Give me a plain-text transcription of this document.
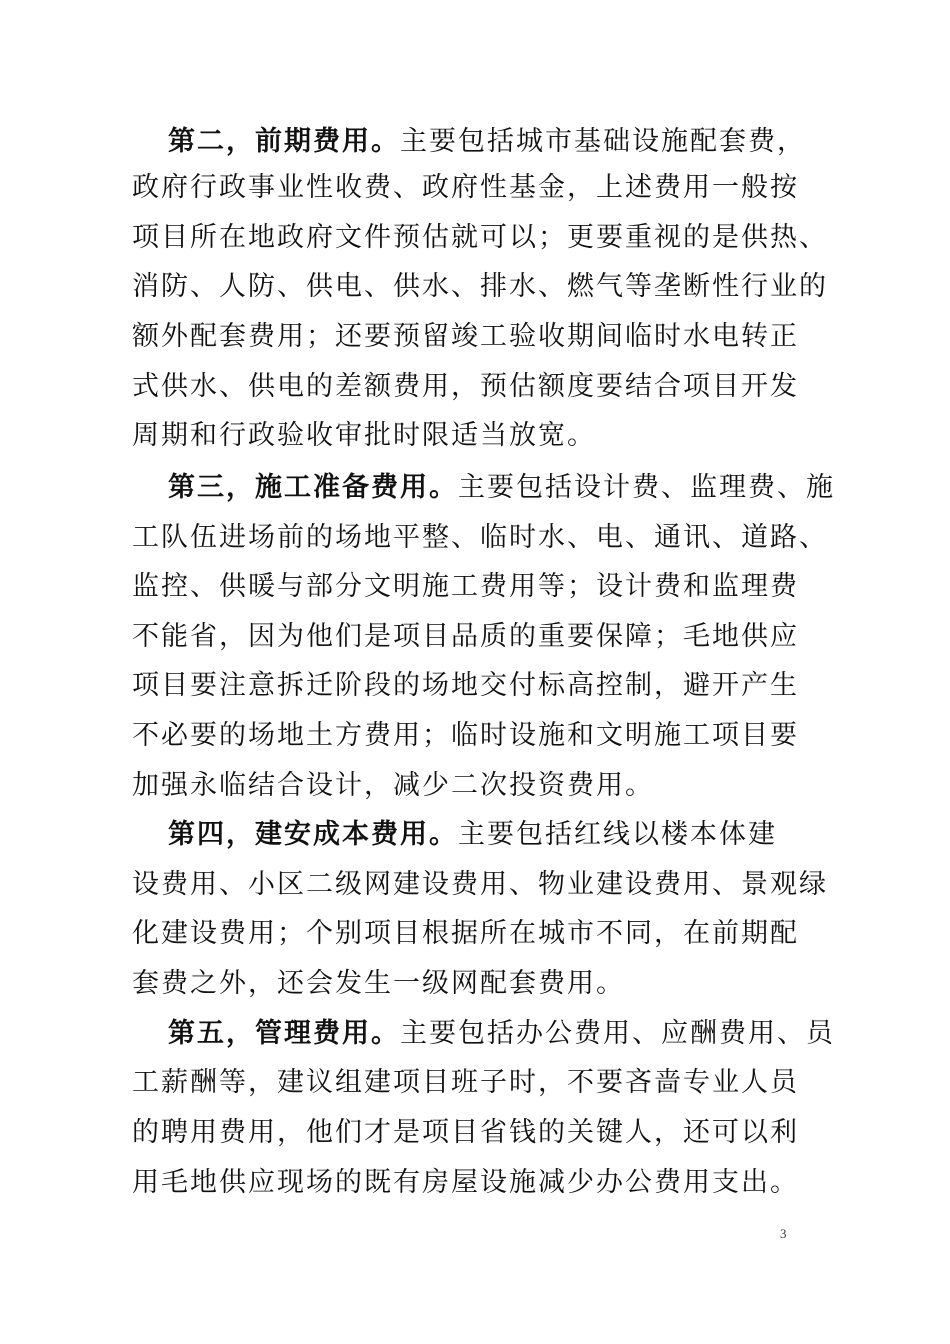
第二，前期费用。主要包括城市基础设施配套费，
政府行政事业性收费、政府性基金，上述费用一般按
项目所在地政府文件预估就可以；更要重视的是供热、
消防、人防、供电、供水、排水、燃气等垄断性行业的
额外配套费用；还要预留竣工验收期间临时水电转正
式供水、供电的差额费用，预估额度要结合项目开发
周期和行政验收审批时限适当放宽。
第三，施工准备费用。主要包括设计费、监理费、施
工队伍进场前的场地平整、临时水、电、通讯、道路、
监控、供暖与部分文明施工费用等；设计费和监理费
不能省，因为他们是项目品质的重要保障；毛地供应
项目要注意拆迁阶段的场地交付标高控制，避开产生
不必要的场地土方费用；临时设施和文明施工项目要
加强永临结合设计，减少二次投资费用。
第四，建安成本费用。主要包括红线以楼本体建
设费用、小区二级网建设费用、物业建设费用、景观绿
化建设费用；个别项目根据所在城市不同，在前期配
套费之外，还会发生一级网配套费用。
第五，管理费用。主要包括办公费用、应酬费用、员
工薪酬等，建议组建项目班子时，不要吝啬专业人员
的聘用费用，他们才是项目省钱的关键人，还可以利
用毛地供应现场的既有房屋设施减少办公费用支出。
3
